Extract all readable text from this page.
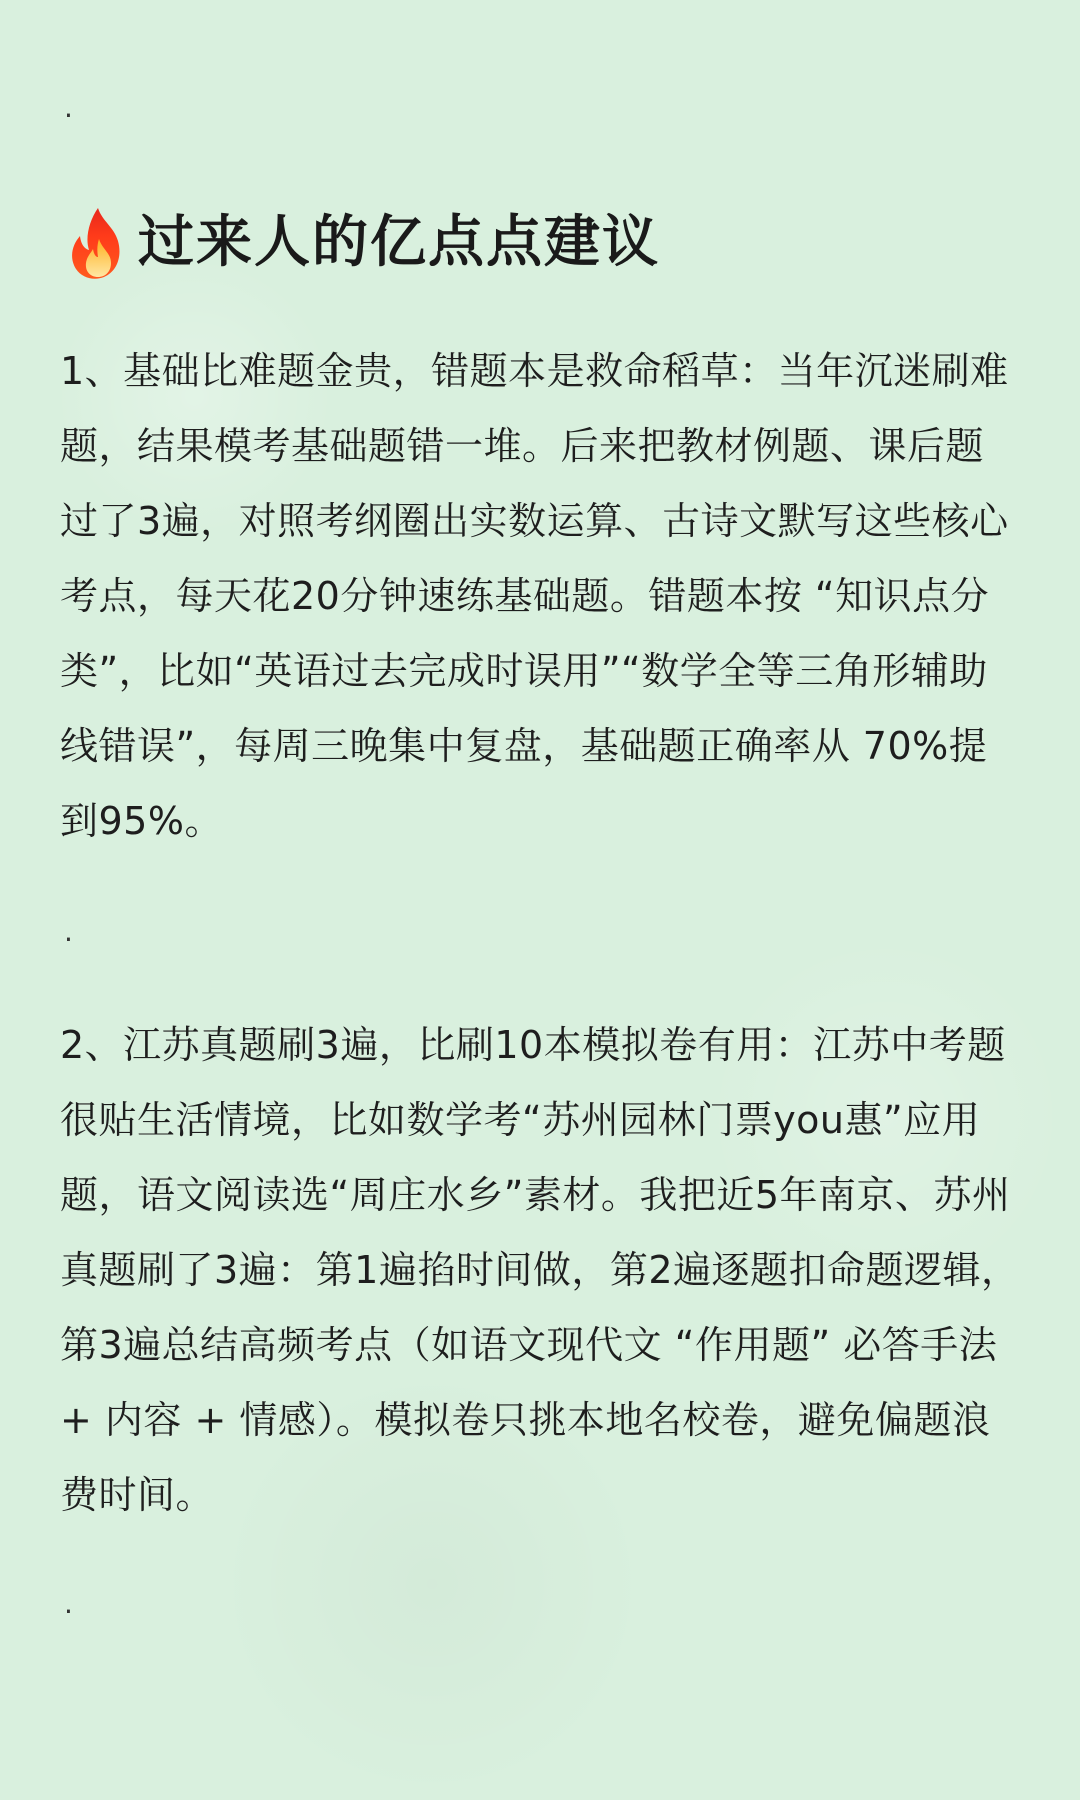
.
过来人的亿点点建议
1、基础比难题金贵，错题本是救命稻草：当年沉迷刷难题，结果模考基础题错一堆。后来把教材例题、课后题过了3遍，对照考纲圈出实数运算、古诗文默写这些核心考点，每天花20分钟速练基础题。错题本按 “知识点分类”，比如“英语过去完成时误用”“数学全等三角形辅助线错误”，每周三晚集中复盘，基础题正确率从 70%提到95%。
.
2、江苏真题刷3遍，比刷10本模拟卷有用：江苏中考题很贴生活情境，比如数学考“苏州园林门票you惠”应用题，语文阅读选“周庄水乡”素材。我把近5年南京、苏州真题刷了3遍：第1遍掐时间做，第2遍逐题扣命题逻辑，第3遍总结高频考点（如语文现代文 “作用题” 必答手法 + 内容 + 情感）。模拟卷只挑本地名校卷，避免偏题浪费时间。
.
